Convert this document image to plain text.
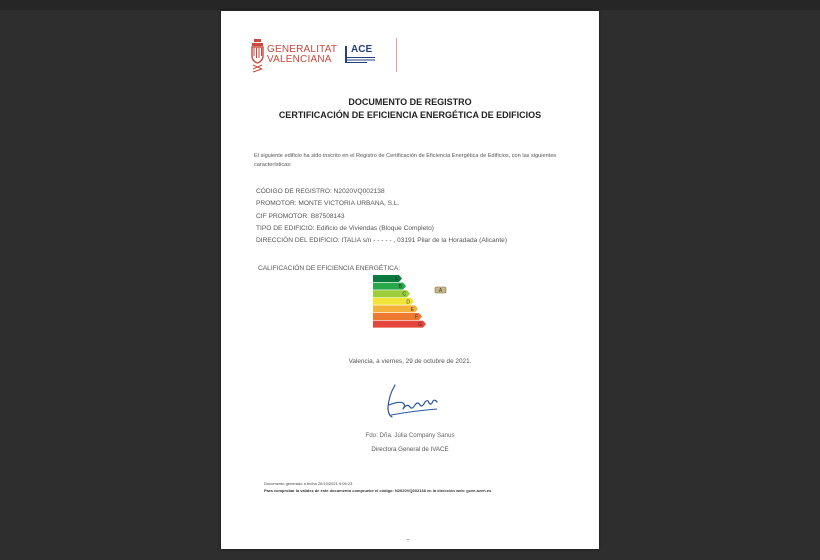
GENERALITAT
VALENCIANA
ACE
DOCUMENTO DE REGISTRO
CERTIFICACIÓN DE EFICIENCIA ENERGÉTICA DE EDIFICIOS
El siguiente edificio ha sido inscrito en el Registro de Certificación de Eficiencia Energética de Edificios, con las siguientes características:
CÓDIGO DE REGISTRO: N2020VQ002138
PROMOTOR: MONTE VICTORIA URBANA, S.L.
CIF PROMOTOR: B87508143
TIPO DE EDIFICIO: Edificio de Viviendas (Bloque Completo)
DIRECCIÓN DEL EDIFICIO: ITALIA s/n - - - - - , 03191 Pilar de la Horadada (Alicante)
CALIFICACIÓN DE EFICIENCIA ENERGÉTICA:
A
B
C
D
E
F
G
A
Valencia, a viernes, 29 de octubre de 2021.
Fdo: Dña. Júlia Company Sanus
Directora General de IVACE
Documento generado a fecha 20/10/2021 9:05:23
Para comprobar la validez de este documento compruebe el código: N2020VQ002138 en la dirección web: gcee.aven.es
